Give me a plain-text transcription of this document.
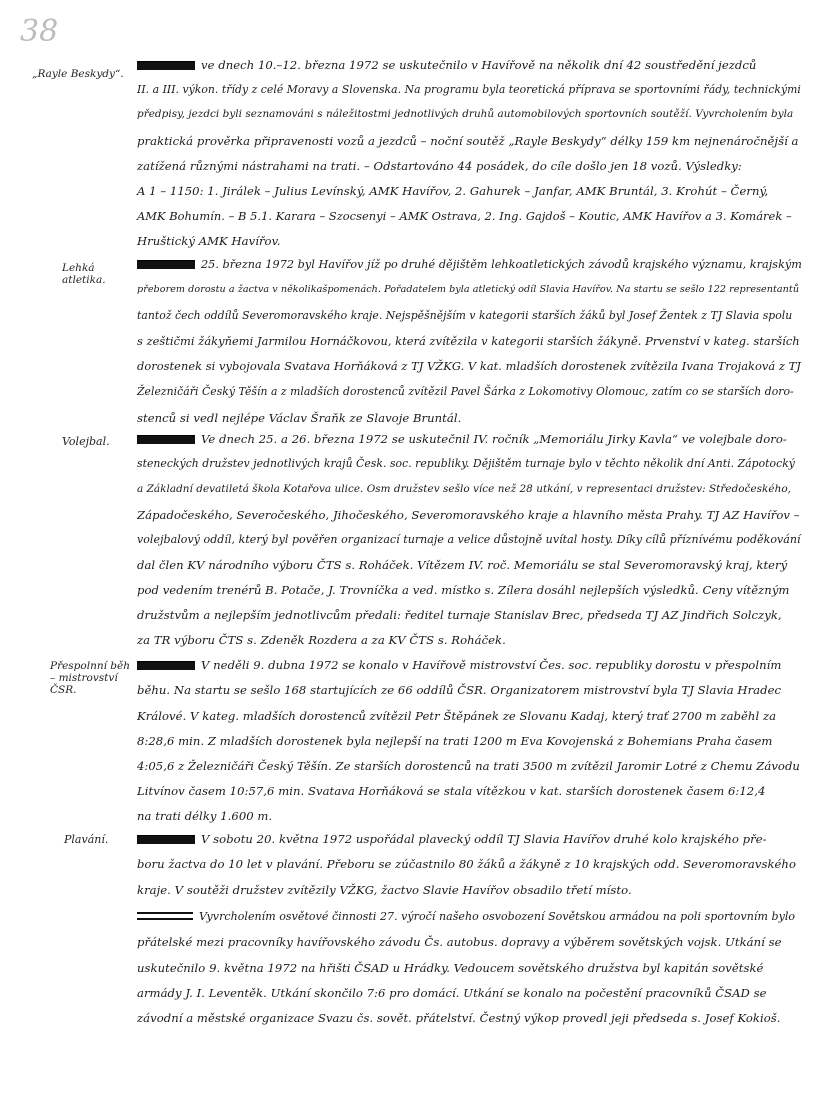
38
„Rayle Beskydy“.
ve dnech 10.–12. března 1972 se uskutečnilo v Havířově na několik dní 42 soustředění jezdců
II. a III. výkon. třídy z celé Moravy a Slovenska. Na programu byla teoretická příprava se sportovními řády, technickými
předpisy, jezdci byli seznamováni s náležitostmi jednotlivých druhů automobilových sportovních soutěží. Vyvrcholením byla
praktická prověrka připravenosti vozů a jezdců – noční soutěž „Rayle Beskydy“ délky 159 km nejnenáročnější a
zatížená různými nástrahami na trati. – Odstartováno 44 posádek, do cíle došlo jen 18 vozů. Výsledky:
A 1 – 1150: 1. Jirálek – Julius Levínský, AMK Havířov, 2. Gahurek – Janfar, AMK Bruntál, 3. Krohút – Černý,
AMK Bohumín. – B 5.1. Karara – Szocsenyi – AMK Ostrava, 2. Ing. Gajdoš – Koutic, AMK Havířov a 3. Komárek –
Hruštický AMK Havířov.
Lehká atletika.
25. března 1972 byl Havířov jíž po druhé dějištěm lehkoatletických závodů krajského významu, krajským
přeborem dorostu a žactva v několikašpomenách. Pořadatelem byla atletický odíl Slavia Havířov. Na startu se sešlo 122 representantů
tantož čech oddílů Severomoravského kraje. Nejspěšnějším v kategorii starších žáků byl Josef Žentek z TJ Slavia spolu
s zeštičmi žákyňemi Jarmilou Hornáčkovou, která zvítězila v kategorii starších žákyně. Prvenství v kateg. starších
dorostenek si vybojovala Svatava Horňáková z TJ VŽKG. V kat. mladších dorostenek zvítězila Ivana Trojaková z TJ
Železničáři Český Těšín a z mladších dorostenců zvítězil Pavel Šárka z Lokomotivy Olomouc, zatím co se starších doro-
stenců si vedl nejlépe Václav Šraňk ze Slavoje Bruntál.
Volejbal.	Ve dnech 25. a 26. března 1972 se uskutečnil IV. ročník „Memoriálu Jirky Kavla“ ve volejbale doro-
steneckých družstev jednotlivých krajů Česk. soc. republiky. Dějištěm turnaje bylo v těchto několik dní Anti. Zápotocký
a Základní devatiletá škola Kotařova ulice. Osm družstev sešlo více než 28 utkání, v representaci družstev: Středočeského,
Západočeského, Severočeského, Jihočeského, Severomoravského kraje a hlavního města Prahy. TJ AZ Havířov –
volejbalový oddíl, který byl pověřen organizací turnaje a velice důstojně uvítal hosty. Díky cílů příznívému poděkování
dal člen KV národního výboru ČTS s. Roháček. Vítězem IV. roč. Memoriálu se stal Severomoravský kraj, který
pod vedením trenérů B. Potače, J. Trovníčka a ved. místko s. Zílera dosáhl nejlepších výsledků. Ceny vítězným
družstvům a nejlepším jednotlivcům předali: ředitel turnaje Stanislav Brec, předseda TJ AZ Jindřich Solczyk,
za TR výboru ČTS s. Zdeněk Rozdera a za KV ČTS s. Roháček.
Přespolnní běh – mistrovství ČSR.
V neděli 9. dubna 1972 se konalo v Havířově mistrovství Čes. soc. republiky dorostu v přespolním
běhu. Na startu se sešlo 168 startujících ze 66 oddílů ČSR. Organizatorem mistrovství byla TJ Slavia Hradec
Králové. V kateg. mladších dorostenců zvítězil Petr Štěpánek ze Slovanu Kadaj, který trať 2700 m zaběhl za
8:28,6 min. Z mladších dorostenek byla nejlepší na trati 1200 m Eva Kovojenská z Bohemians Praha časem
4:05,6 z Železničáři Český Těšín. Ze starších dorostenců na trati 3500 m zvítězil Jaromir Lotré z Chemu Závodu
Litvínov časem 10:57,6 min. Svatava Horňáková se stala vítězkou v kat. starších dorostenek časem 6:12,4
na trati délky 1.600 m.
Plavání.	V sobotu 20. května 1972 uspořádal plavecký oddíl TJ Slavia Havířov druhé kolo krajského pře-
boru žactva do 10 let v plavání. Přeboru se zúčastnilo 80 žáků a žákyně z 10 krajských odd. Severomoravského
kraje. V soutěži družstev zvítězily VŽKG, žactvo Slavie Havířov obsadilo třetí místo.
Vyvrcholením osvětové činnosti 27. výročí našeho osvobození Sovětskou armádou na poli sportovním bylo
přátelské mezi pracovníky havířovského závodu Čs. autobus. dopravy a výběrem sovětských vojsk. Utkání se
uskutečnilo 9. května 1972 na hřišti ČSAD u Hrádky. Vedoucem sovětského družstva byl kapitán sovětské
armády J. I. Leventěk. Utkání skončilo 7:6 pro domácí. Utkání se konalo na počestění pracovníků ČSAD se
závodní a městské organizace Svazu čs. sovět. přátelství. Čestný výkop provedl jeji předseda s. Josef Kokioš.
